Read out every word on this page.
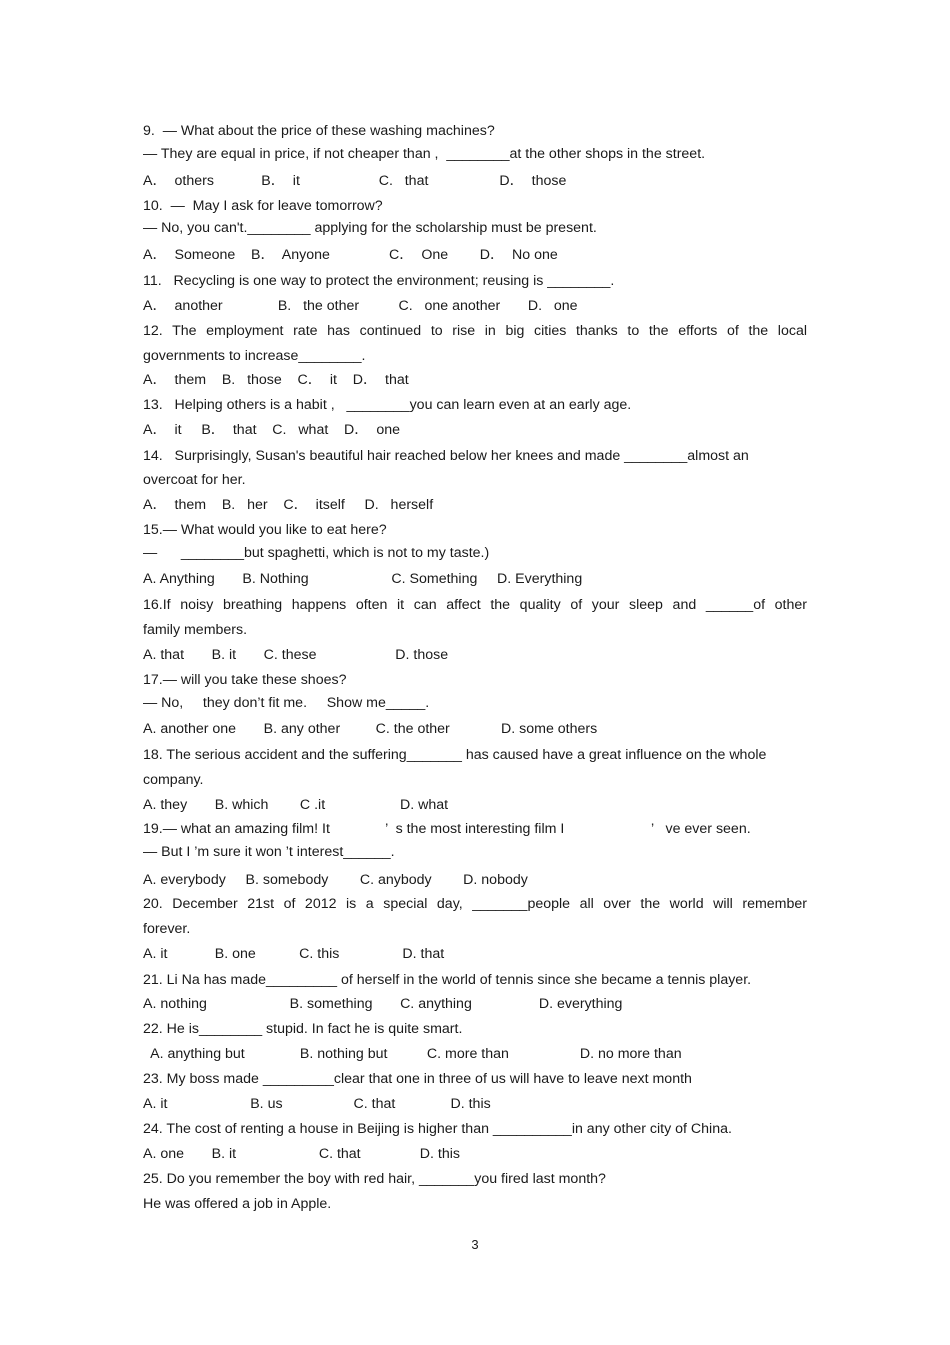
9.  — What about the price of these washing machines?

— They are equal in price, if not cheaper than ,  ________at the other shops in the street.

A．  others            B．  it                    C.   that                  D．  those

10.  —  May I ask for leave tomorrow?

— No, you can't.________ applying for the scholarship must be present.

A．  Someone    B．  Anyone               C．  One        D．  No one

11.   Recycling is one way to protect the environment; reusing is ________.

A．  another              B.   the other          C.   one another       D.   one

12. The employment rate has continued to rise in big cities thanks to the efforts of the local

governments to increase________.

A．  them    B.   those    C．  it    D．  that

13.   Helping others is a habit ,   ________you can learn even at an early age.

A．  it     B．  that    C.   what    D．  one

14.   Surprisingly, Susan's beautiful hair reached below her knees and made ________almost an

overcoat for her.

A．  them    B.   her    C．  itself     D.   herself

15.— What would you like to eat here?

—      ________but spaghetti, which is not to my taste.)

A. Anything       B. Nothing                     C. Something     D. Everything

16.If noisy breathing happens often it can affect the quality of your sleep and ______of other

family members.

A. that       B. it       C. these                    D. those

17.— will you take these shoes?

— No,     they don’t fit me.     Show me_____.

A. another one       B. any other         C. the other             D. some others

18. The serious accident and the suffering_______ has caused have a great influence on the whole

company.

A. they       B. which        C .it                   D. what

19.— what an amazing film! It              ’  s the most interesting film I                      ’   ve ever seen.

— But I ’m sure it won ’t interest______.

A. everybody     B. somebody        C. anybody        D. nobody

20. December 21st of 2012 is a special day, _______people all over the world will remember

forever.

A. it            B. one           C. this                D. that

21. Li Na has made_________ of herself in the world of tennis since she became a tennis player.

A. nothing                     B. something       C. anything                 D. everything

22. He is________ stupid. In fact he is quite smart.

A. anything but              B. nothing but          C. more than                  D. no more than

23. My boss made _________clear that one in three of us will have to leave next month

A. it                     B. us                  C. that              D. this

24. The cost of renting a house in Beijing is higher than __________in any other city of China.

A. one       B. it                     C. that               D. this

25. Do you remember the boy with red hair, _______you fired last month?

He was offered a job in Apple.

3
